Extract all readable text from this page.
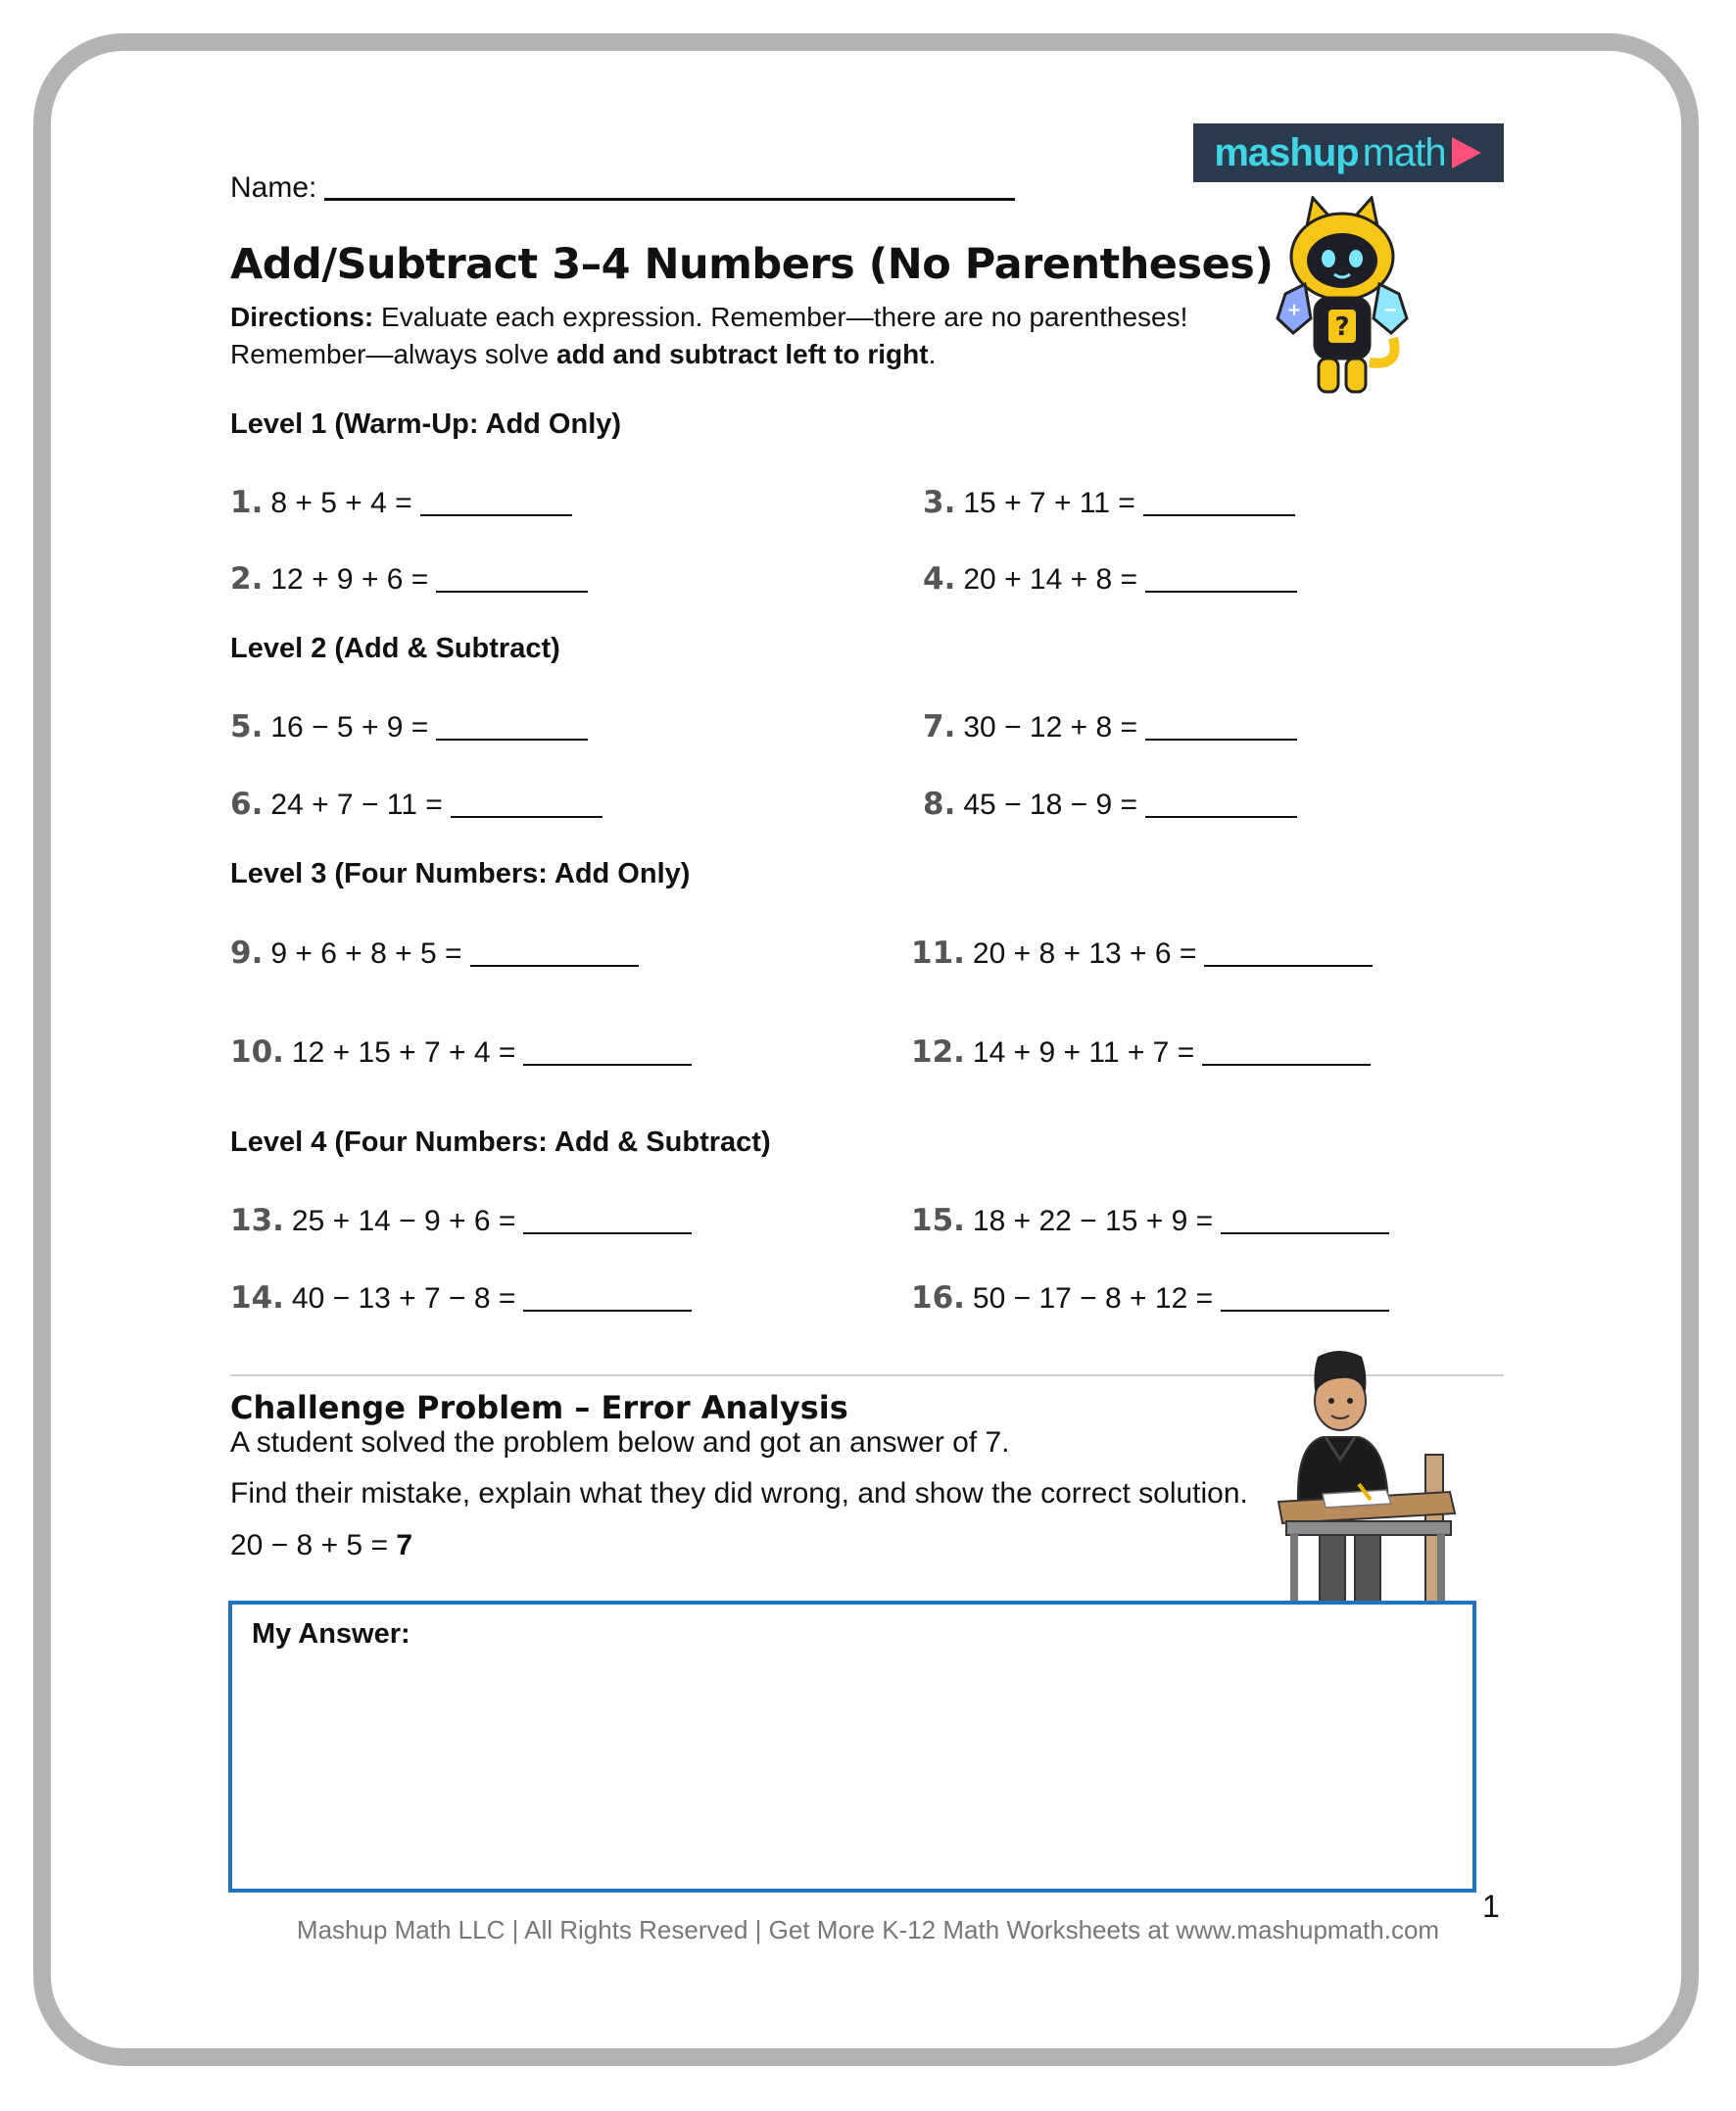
mashup math
?
+	−
Name:
Add/Subtract 3–4 Numbers (No Parentheses)
Directions: Evaluate each expression. Remember—there are no parentheses!
Remember—always solve add and subtract left to right.
Level 1 (Warm-Up: Add Only)
1. 8 + 5 + 4 =
2. 12 + 9 + 6 =
3. 15 + 7 + 11 =
4. 20 + 14 + 8 =
Level 2 (Add & Subtract)
5. 16 − 5 + 9 =
6. 24 + 7 − 11 =
7. 30 − 12 + 8 =
8. 45 − 18 − 9 =
Level 3 (Four Numbers: Add Only)
9. 9 + 6 + 8 + 5 =
10. 12 + 15 + 7 + 4 =
11. 20 + 8 + 13 + 6 =
12. 14 + 9 + 11 + 7 =
Level 4 (Four Numbers: Add & Subtract)
13. 25 + 14 − 9 + 6 =
14. 40 − 13 + 7 − 8 =
15. 18 + 22 − 15 + 9 =
16. 50 − 17 − 8 + 12 =
Challenge Problem – Error Analysis
A student solved the problem below and got an answer of 7.
Find their mistake, explain what they did wrong, and show the correct solution.
20 − 8 + 5 = 7
My Answer:
1
Mashup Math LLC | All Rights Reserved | Get More K-12 Math Worksheets at www.mashupmath.com
